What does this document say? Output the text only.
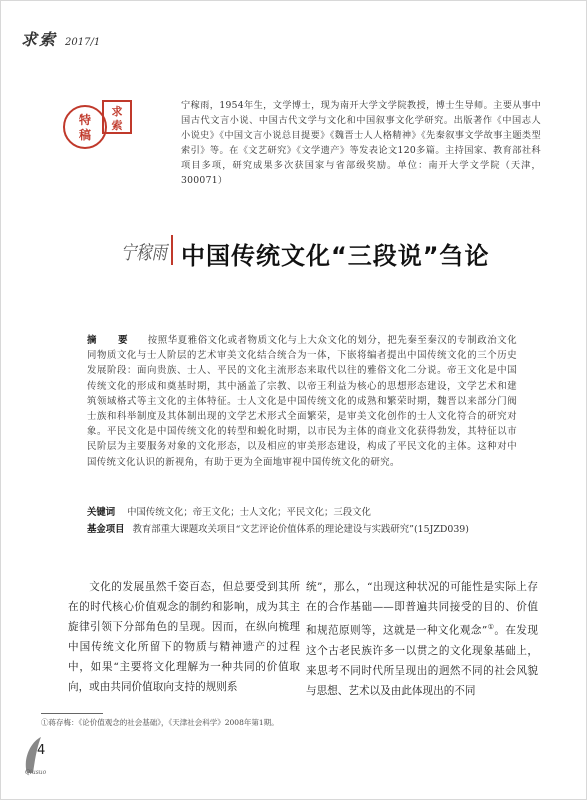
求索 2017/1
特
稿
求
索
宁稼雨，1954年生，文学博士，现为南开大学文学院教授，博士生导师。主要从事中国古代文言小说、中国古代文学与文化和中国叙事文化学研究。出版著作《中国志人小说史》《中国文言小说总目提要》《魏晋士人人格精神》《先秦叙事文学故事主题类型索引》等。在《文艺研究》《文学遗产》等发表论文120多篇。主持国家、教育部社科项目多项，研究成果多次获国家与省部级奖励。单位：南开大学文学院（天津，300071）
宁稼雨 中国传统文化“三段说”刍论
摘　要 按照华夏雅俗文化或者物质文化与上大众文化的划分，把先秦至秦汉的专制政治文化同物质文化与士人阶层的艺术审美文化结合统合为一体，下嵌将编者提出中国传统文化的三个历史发展阶段：面向贵族、士人、平民的文化主流形态来取代以往的雅俗文化二分说。帝王文化是中国传统文化的形成和奠基时期，其中涵盖了宗教、以帝王利益为核心的思想形态建设，文学艺术和建筑领域格式等主文化的主体特征。士人文化是中国传统文化的成熟和繁荣时期，魏晋以来部分门阀士族和科举制度及其体制出现的文学艺术形式全面繁荣，是审美文化创作的士人文化符合的研究对象。平民文化是中国传统文化的转型和蜕化时期，以市民为主体的商业文化获得勃发，其特征以市民阶层为主要服务对象的文化形态，以及相应的审美形态建设，构成了平民文化的主体。这种对中国传统文化认识的新视角，有助于更为全面地审视中国传统文化的研究。
关键词 中国传统文化；帝王文化；士人文化；平民文化；三段文化
基金项目 教育部重大课题攻关项目“文艺评论价值体系的理论建设与实践研究”(15JZD039)
文化的发展虽然千姿百态，但总要受到其所在的时代核心价值观念的制约和影响，成为其主旋律引领下分部角色的呈现。因而，在纵向梳理中国传统文化所留下的物质与精神遗产的过程中，如果“主要将文化理解为一种共同的价值取向，或由共同价值取向支持的规则系
统”，那么，“出现这种状况的可能性是实际上存在的合作基础——即普遍共同接受的目的、价值和规范原则等，这就是一种文化观念”①。在发现这个古老民族许多一以贯之的文化现象基础上，来思考不同时代所呈现出的迥然不同的社会风貌与思想、艺术以及由此体现出的不同
①蒋存梅：《论价值观念的社会基础》，《天津社会科学》2008年第1期。
4
Qiusuo
